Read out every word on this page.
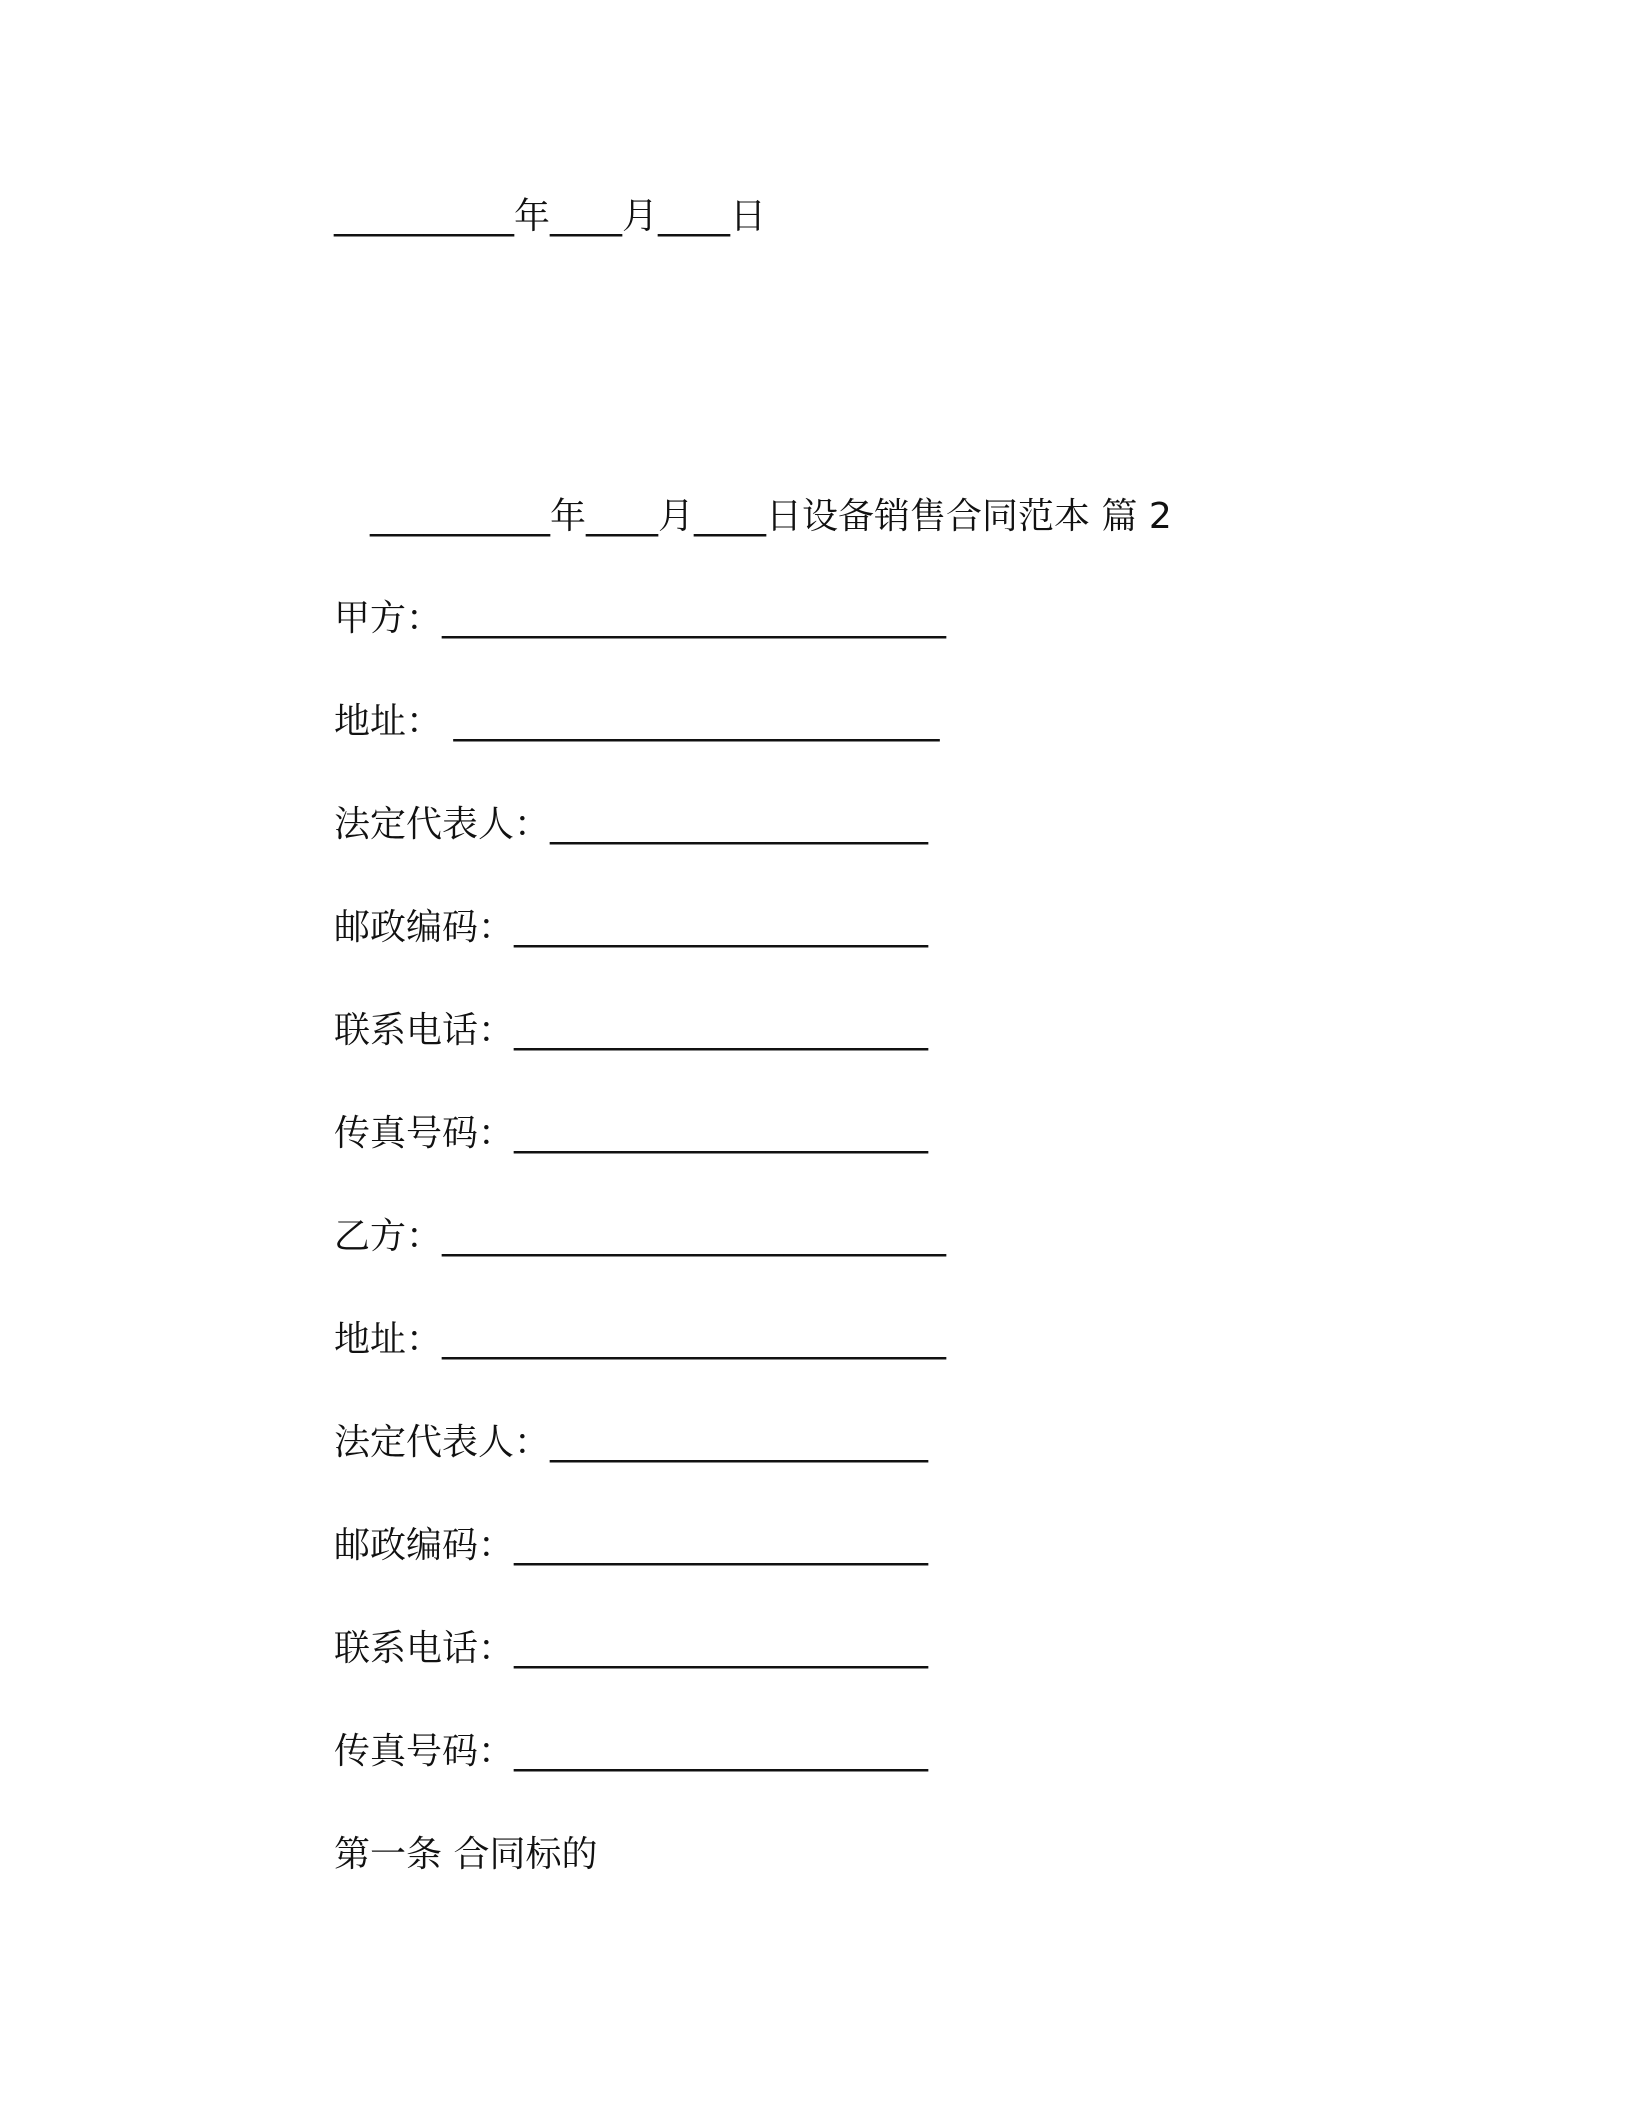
__________年____月____日
__________年____月____日设备销售合同范本 篇 2
甲方：____________________________
地址： ___________________________
法定代表人：_____________________
邮政编码：_______________________
联系电话：_______________________
传真号码：_______________________
乙方：____________________________
地址：____________________________
法定代表人：_____________________
邮政编码：_______________________
联系电话：_______________________
传真号码：_______________________
第一条 合同标的
